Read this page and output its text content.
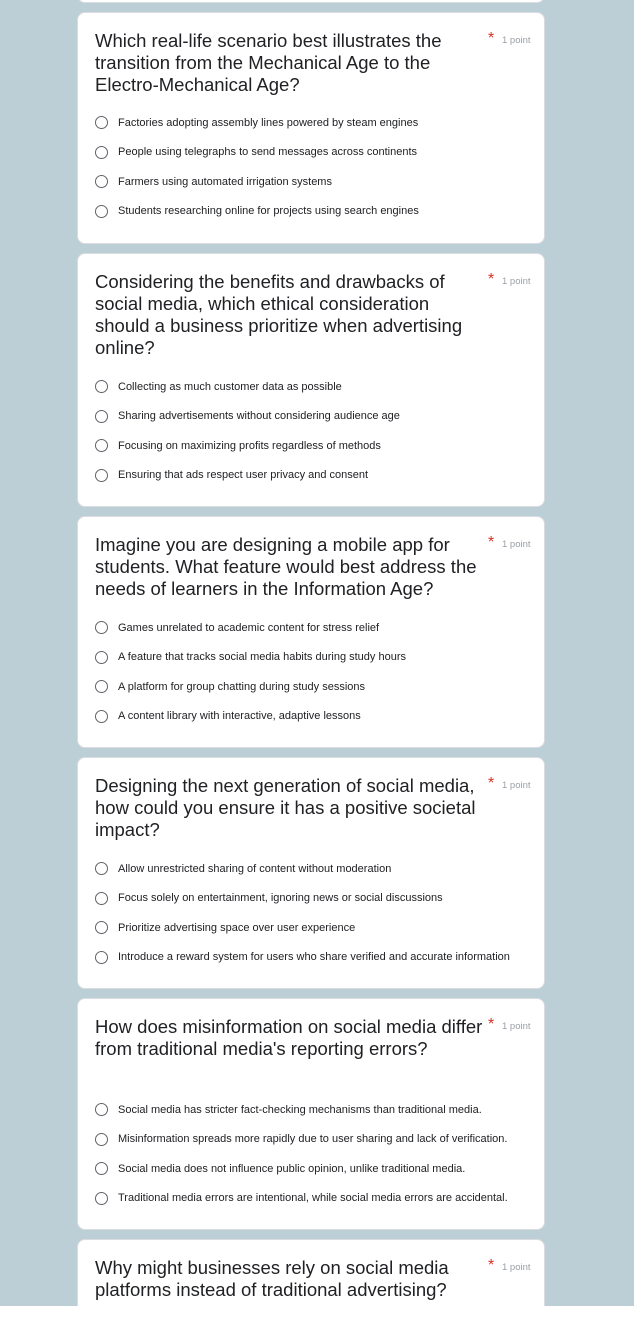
Which real-life scenario best illustrates the transition from the Mechanical Age to the Electro-Mechanical Age?
* 1 point
Factories adopting assembly lines powered by steam engines
People using telegraphs to send messages across continents
Farmers using automated irrigation systems
Students researching online for projects using search engines
Considering the benefits and drawbacks of social media, which ethical consideration should a business prioritize when advertising online?
* 1 point
Collecting as much customer data as possible
Sharing advertisements without considering audience age
Focusing on maximizing profits regardless of methods
Ensuring that ads respect user privacy and consent
Imagine you are designing a mobile app for students. What feature would best address the needs of learners in the Information Age?
* 1 point
Games unrelated to academic content for stress relief
A feature that tracks social media habits during study hours
A platform for group chatting during study sessions
A content library with interactive, adaptive lessons
Designing the next generation of social media, how could you ensure it has a positive societal impact?
* 1 point
Allow unrestricted sharing of content without moderation
Focus solely on entertainment, ignoring news or social discussions
Prioritize advertising space over user experience
Introduce a reward system for users who share verified and accurate information
How does misinformation on social media differ from traditional media's reporting errors?
* 1 point
Social media has stricter fact-checking mechanisms than traditional media.
Misinformation spreads more rapidly due to user sharing and lack of verification.
Social media does not influence public opinion, unlike traditional media.
Traditional media errors are intentional, while social media errors are accidental.
Why might businesses rely on social media platforms instead of traditional advertising?
* 1 point
